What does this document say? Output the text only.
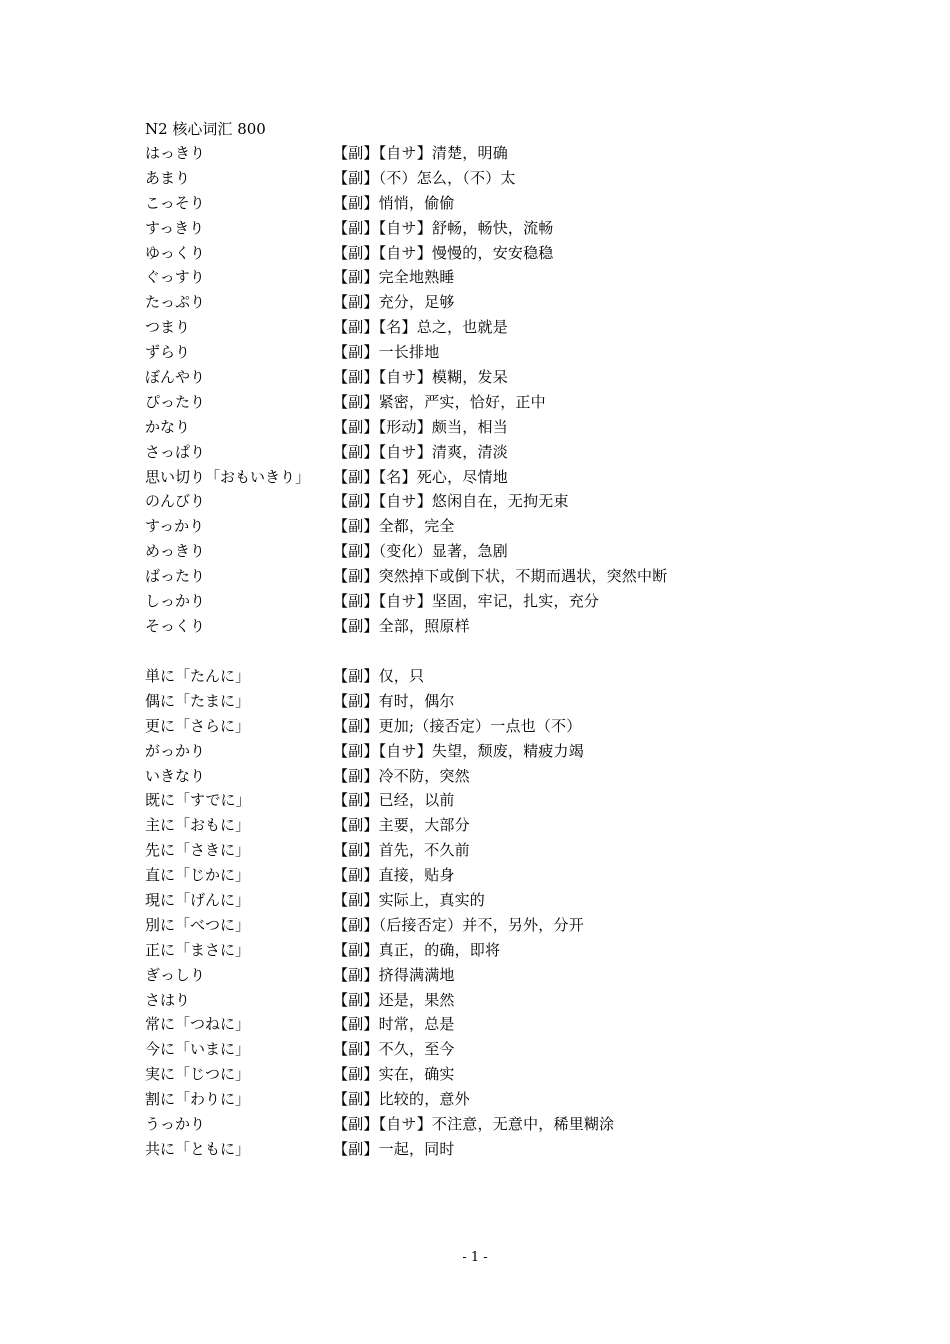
N2 核心词汇 800
はっきり	【副】【自サ】清楚，明确
あまり	【副】（不）怎么，（不）太
こっそり	【副】悄悄，偷偷
すっきり	【副】【自サ】舒畅，畅快，流畅
ゆっくり	【副】【自サ】慢慢的，安安稳稳
ぐっすり	【副】完全地熟睡
たっぷり	【副】充分，足够
つまり	【副】【名】总之，也就是
ずらり	【副】一长排地
ぼんやり	【副】【自サ】模糊，发呆
ぴったり	【副】紧密，严实，恰好，正中
かなり	【副】【形动】颇当，相当
さっぱり	【副】【自サ】清爽，清淡
思い切り「おもいきり」 【副】【名】死心，尽情地
のんびり	【副】【自サ】悠闲自在，无拘无束
すっかり	【副】全都，完全
めっきり	【副】（变化）显著，急剧
ばったり	【副】突然掉下或倒下状，不期而遇状，突然中断
しっかり	【副】【自サ】坚固，牢记，扎实，充分
そっくり	【副】全部，照原样
単に「たんに」	【副】仅，只
偶に「たまに」	【副】有时，偶尔
更に「さらに」	【副】更加;（接否定）一点也（不）
がっかり	【副】【自サ】失望，颓废，精疲力竭
いきなり	【副】冷不防，突然
既に「すでに」	【副】已经，以前
主に「おもに」	【副】主要，大部分
先に「さきに」	【副】首先，不久前
直に「じかに」	【副】直接，贴身
現に「げんに」	【副】实际上，真实的
別に「べつに」	【副】（后接否定）并不，另外，分开
正に「まさに」	【副】真正，的确，即将
ぎっしり	【副】挤得满满地
さはり	【副】还是，果然
常に「つねに」	【副】时常，总是
今に「いまに」	【副】不久，至今
実に「じつに」	【副】实在，确实
割に「わりに」	【副】比较的，意外
うっかり	【副】【自サ】不注意，无意中，稀里糊涂
共に「ともに」	【副】一起，同时
- 1 -
